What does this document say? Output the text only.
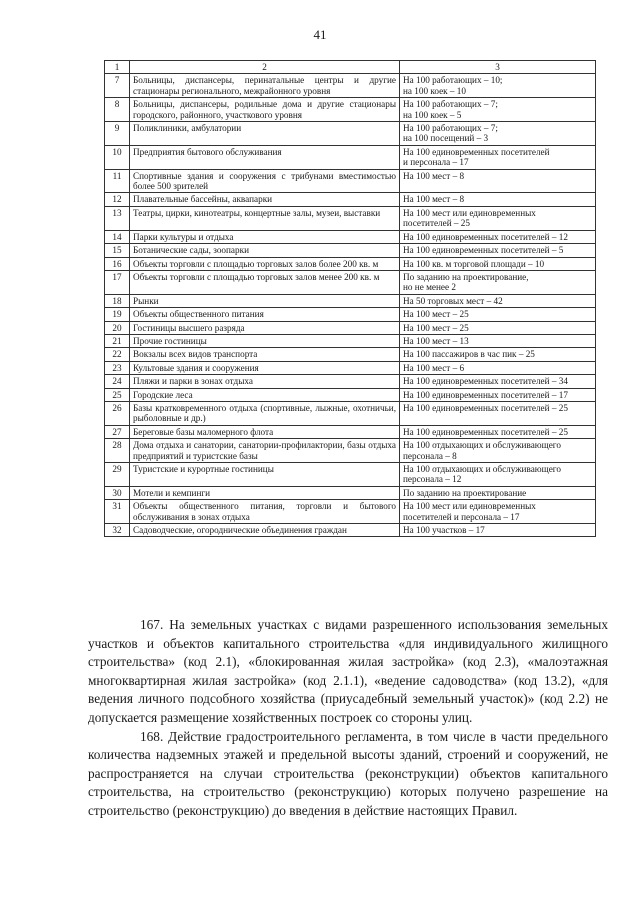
41
1	2	3
7	Больницы, диспансеры, перинатальные центры и другие стационары регионального, межрайонного уровня	На 100 работающих – 10;
на 100 коек – 10
8	Больницы, диспансеры, родильные дома и другие стационары городского, районного, участкового уровня	На 100 работающих – 7;
на 100 коек – 5
9	Поликлиники, амбулатории	На 100 работающих – 7;
на 100 посещений – 3
10	Предприятия бытового обслуживания	На 100 единовременных посетителей
и персонала – 17
11	Спортивные здания и сооружения с трибунами вместимостью более 500 зрителей	На 100 мест – 8
12	Плавательные бассейны, аквапарки	На 100 мест – 8
13	Театры, цирки, кинотеатры, концертные залы, музеи, выставки	На 100 мест или единовременных
посетителей – 25
14	Парки культуры и отдыха	На 100 единовременных посетителей – 12
15	Ботанические сады, зоопарки	На 100 единовременных посетителей – 5
16	Объекты торговли с площадью торговых залов более 200 кв. м	На 100 кв. м торговой площади – 10
17	Объекты торговли с площадью торговых залов менее 200 кв. м	По заданию на проектирование,
но не менее 2
18	Рынки	На 50 торговых мест – 42
19	Объекты общественного питания	На 100 мест – 25
20	Гостиницы высшего разряда	На 100 мест – 25
21	Прочие гостиницы	На 100 мест – 13
22	Вокзалы всех видов транспорта	На 100 пассажиров в час пик – 25
23	Культовые здания и сооружения	На 100 мест – 6
24	Пляжи и парки в зонах отдыха	На 100 единовременных посетителей – 34
25	Городские леса	На 100 единовременных посетителей – 17
26	Базы кратковременного отдыха (спортивные, лыжные, охотничьи, рыболовные и др.)	На 100 единовременных посетителей – 25
27	Береговые базы маломерного флота	На 100 единовременных посетителей – 25
28	Дома отдыха и санатории, санатории-профилактории, базы отдыха предприятий и туристские базы	На 100 отдыхающих и обслуживающего
персонала – 8
29	Туристские и курортные гостиницы	На 100 отдыхающих и обслуживающего
персонала – 12
30	Мотели и кемпинги	По заданию на проектирование
31	Объекты общественного питания, торговли и бытового обслуживания в зонах отдыха	На 100 мест или единовременных
посетителей и персонала – 17
32	Садоводческие, огороднические объединения граждан	На 100 участков – 17

167. На земельных участках с видами разрешенного использования земельных участков и объектов капитального строительства «для индивидуального жилищного строительства» (код 2.1), «блокированная жилая застройка» (код 2.3), «малоэтажная многоквартирная жилая застройка» (код 2.1.1), «ведение садоводства» (код 13.2), «для ведения личного подсобного хозяйства (приусадебный земельный участок)» (код 2.2) не допускается размещение хозяйственных построек со стороны улиц.

168. Действие градостроительного регламента, в том числе в части предельного количества надземных этажей и предельной высоты зданий, строений и сооружений, не распространяется на случаи строительства (реконструкции) объектов капитального строительства, на строительство (реконструкцию) которых получено разрешение на строительство (реконструкцию) до введения в действие настоящих Правил.
